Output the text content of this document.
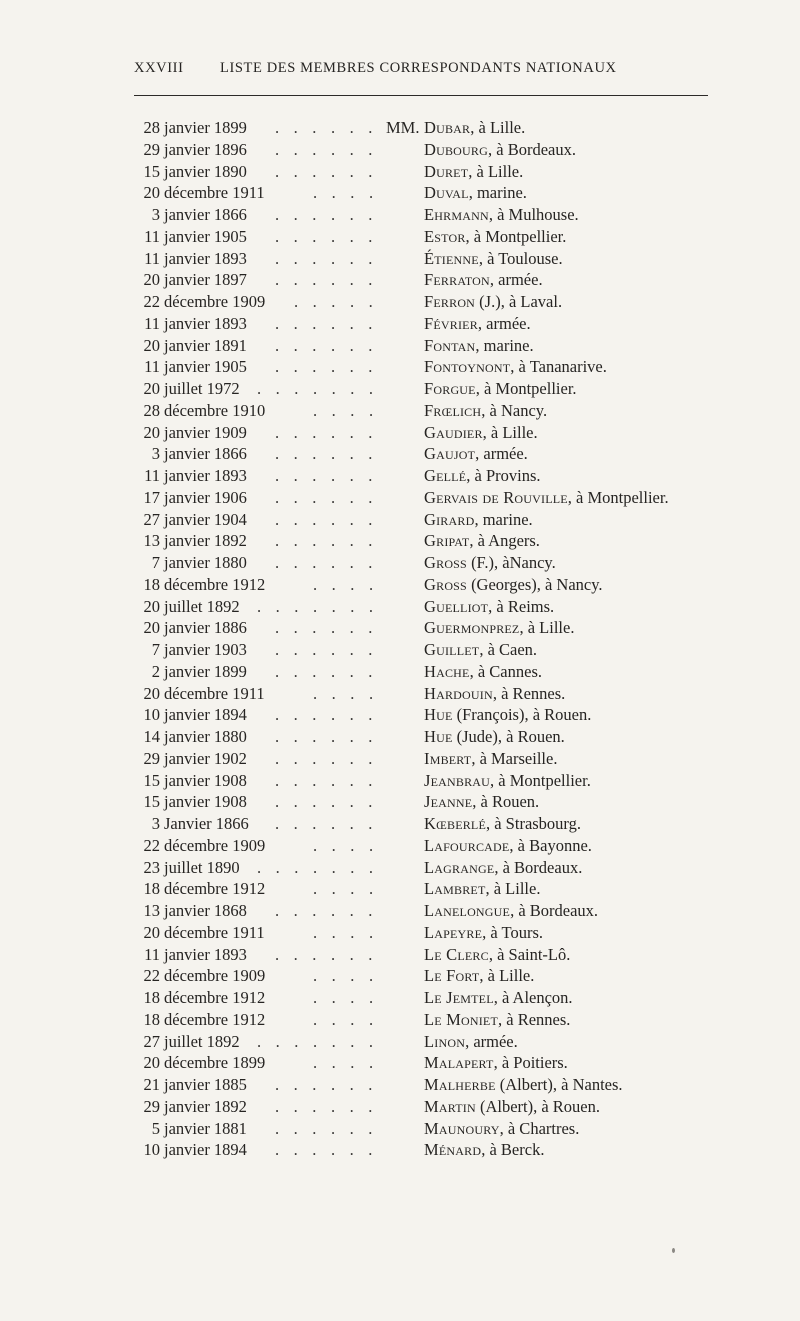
XXVIII	LISTE DES MEMBRES CORRESPONDANTS NATIONAUX
28 janvier 1899 . . . . . . MM. Dubar, à Lille.
29 janvier 1896 . . . . . .	Dubourg, à Bordeaux.
15 janvier 1890 . . . . . .	Duret, à Lille.
20 décembre 1911	. . . .	Duval, marine.
3 janvier 1866 . . . . . .	Ehrmann, à Mulhouse.
11 janvier 1905 . . . . . .	Estor, à Montpellier.
11 janvier 1893 . . . . . .	Étienne, à Toulouse.
20 janvier 1897 . . . . . .	Ferraton, armée.
22 décembre 1909 . . . . .	Ferron (J.), à Laval.
11 janvier 1893 . . . . . .	Février, armée.
20 janvier 1891 . . . . . .	Fontan, marine.
11 janvier 1905 . . . . . .	Fontoynont, à Tananarive.
20 juillet 1972 . . . . . . .	Forgue, à Montpellier.
28 décembre 1910	. . . .	Frœlich, à Nancy.
20 janvier 1909 . . . . . .	Gaudier, à Lille.
3 janvier 1866 . . . . . .	Gaujot, armée.
11 janvier 1893 . . . . . .	Gellé, à Provins.
17 janvier 1906 . . . . . .	Gervais de Rouville, à Montpellier.
27 janvier 1904 . . . . . .	Girard, marine.
13 janvier 1892 . . . . . .	Gripat, à Angers.
7 janvier 1880 . . . . . .	Gross (F.), àNancy.
18 décembre 1912	. . . .	Gross (Georges), à Nancy.
20 juillet 1892 . . . . . . .	Guelliot, à Reims.
20 janvier 1886 . . . . . .	Guermonprez, à Lille.
7 janvier 1903 . . . . . .	Guillet, à Caen.
2 janvier 1899 . . . . . .	Hache, à Cannes.
20 décembre 1911	. . . .	Hardouin, à Rennes.
10 janvier 1894 . . . . . .	Hue (François), à Rouen.
14 janvier 1880 . . . . . .	Hue (Jude), à Rouen.
29 janvier 1902 . . . . . .	Imbert, à Marseille.
15 janvier 1908 . . . . . .	Jeanbrau, à Montpellier.
15 janvier 1908 . . . . . .	Jeanne, à Rouen.
3 Janvier 1866 . . . . . .	Kœberlé, à Strasbourg.
22 décembre 1909	. . . .	Lafourcade, à Bayonne.
23 juillet 1890 . . . . . . .	Lagrange, à Bordeaux.
18 décembre 1912	. . . .	Lambret, à Lille.
13 janvier 1868 . . . . . .	Lanelongue, à Bordeaux.
20 décembre 1911	. . . .	Lapeyre, à Tours.
11 janvier 1893 . . . . . .	Le Clerc, à Saint-Lô.
22 décembre 1909	. . . .	Le Fort, à Lille.
18 décembre 1912	. . . .	Le Jemtel, à Alençon.
18 décembre 1912	. . . .	Le Moniet, à Rennes.
27 juillet 1892 . . . . . . .	Linon, armée.
20 décembre 1899	. . . .	Malapert, à Poitiers.
21 janvier 1885 . . . . . .	Malherbe (Albert), à Nantes.
29 janvier 1892 . . . . . .	Martin (Albert), à Rouen.
5 janvier 1881 . . . . . .	Maunoury, à Chartres.
10 janvier 1894 . . . . . .	Ménard, à Berck.
